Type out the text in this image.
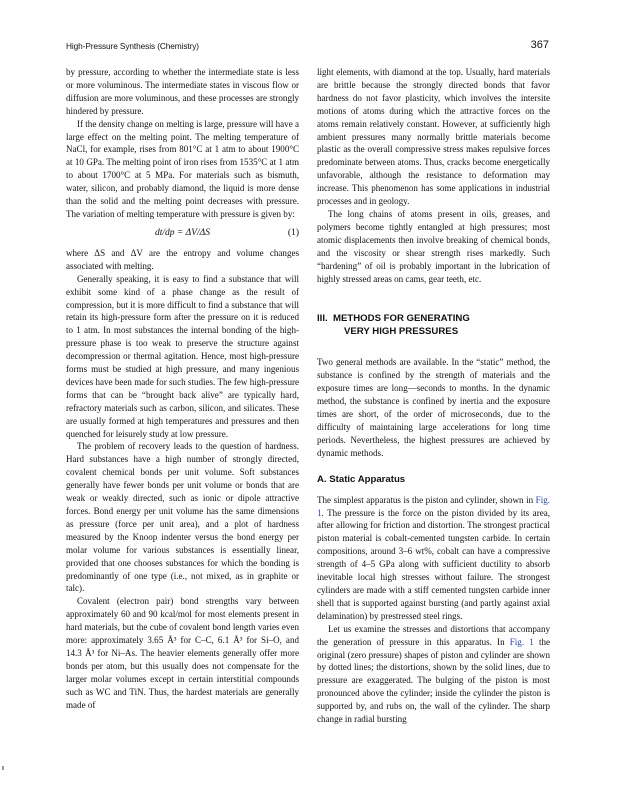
High-Pressure Synthesis (Chemistry)	367

by pressure, according to whether the intermediate state is less or more voluminous. The intermediate states in viscous flow or diffusion are more voluminous, and these processes are strongly hindered by pressure.

If the density change on melting is large, pressure will have a large effect on the melting point. The melting temperature of NaCl, for example, rises from 801°C at 1 atm to about 1900°C at 10 GPa. The melting point of iron rises from 1535°C at 1 atm to about 1700°C at 5 MPa. For materials such as bismuth, water, silicon, and probably diamond, the liquid is more dense than the solid and the melting point decreases with pressure. The variation of melting temperature with pressure is given by:

dt/dp = ΔV/ΔS	(1)

where ΔS and ΔV are the entropy and volume changes associated with melting.

Generally speaking, it is easy to find a substance that will exhibit some kind of a phase change as the result of compression, but it is more difficult to find a substance that will retain its high-pressure form after the pressure on it is reduced to 1 atm. In most substances the internal bonding of the high-pressure phase is too weak to preserve the structure against decompression or thermal agitation. Hence, most high-pressure forms must be studied at high pressure, and many ingenious devices have been made for such studies. The few high-pressure forms that can be “brought back alive” are typically hard, refractory materials such as carbon, silicon, and silicates. These are usually formed at high temperatures and pressures and then quenched for leisurely study at low pressure.

The problem of recovery leads to the question of hardness. Hard substances have a high number of strongly directed, covalent chemical bonds per unit volume. Soft substances generally have fewer bonds per unit volume or bonds that are weak or weakly directed, such as ionic or dipole attractive forces. Bond energy per unit volume has the same dimensions as pressure (force per unit area), and a plot of hardness measured by the Knoop indenter versus the bond energy per molar volume for various substances is essentially linear, provided that one chooses substances for which the bonding is predominantly of one type (i.e., not mixed, as in graphite or talc).

Covalent (electron pair) bond strengths vary between approximately 60 and 90 kcal/mol for most elements present in hard materials, but the cube of covalent bond length varies even more: approximately 3.65 Å³ for C–C, 6.1 Å³ for Si–O, and 14.3 Å³ for Ni–As. The heavier elements generally offer more bonds per atom, but this usually does not compensate for the larger molar volumes except in certain interstitial compounds such as WC and TiN. Thus, the hardest materials are generally made of

light elements, with diamond at the top. Usually, hard materials are brittle because the strongly directed bonds that favor hardness do not favor plasticity, which involves the intersite motions of atoms during which the attractive forces on the atoms remain relatively constant. However, at sufficiently high ambient pressures many normally brittle materials become plastic as the overall compressive stress makes repulsive forces predominate between atoms. Thus, cracks become energetically unfavorable, although the resistance to deformation may increase. This phenomenon has some applications in industrial processes and in geology.

The long chains of atoms present in oils, greases, and polymers become tightly entangled at high pressures; most atomic displacements then involve breaking of chemical bonds, and the viscosity or shear strength rises markedly. Such “hardening” of oil is probably important in the lubrication of highly stressed areas on cams, gear teeth, etc.

III. METHODS FOR GENERATING
VERY HIGH PRESSURES

Two general methods are available. In the “static” method, the substance is confined by the strength of materials and the exposure times are long—seconds to months. In the dynamic method, the substance is confined by inertia and the exposure times are short, of the order of microseconds, due to the difficulty of maintaining large accelerations for long time periods. Nevertheless, the highest pressures are achieved by dynamic methods.

A. Static Apparatus

The simplest apparatus is the piston and cylinder, shown in Fig. 1. The pressure is the force on the piston divided by its area, after allowing for friction and distortion. The strongest practical piston material is cobalt-cemented tungsten carbide. In certain compositions, around 3–6 wt%, cobalt can have a compressive strength of 4–5 GPa along with sufficient ductility to absorb inevitable local high stresses without failure. The strongest cylinders are made with a stiff cemented tungsten carbide inner shell that is supported against bursting (and partly against axial delamination) by prestressed steel rings.

Let us examine the stresses and distortions that accompany the generation of pressure in this apparatus. In Fig. 1 the original (zero pressure) shapes of piston and cylinder are shown by dotted lines; the distortions, shown by the solid lines, due to pressure are exaggerated. The bulging of the piston is most pronounced above the cylinder; inside the cylinder the piston is supported by, and rubs on, the wall of the cylinder. The sharp change in radial bursting
